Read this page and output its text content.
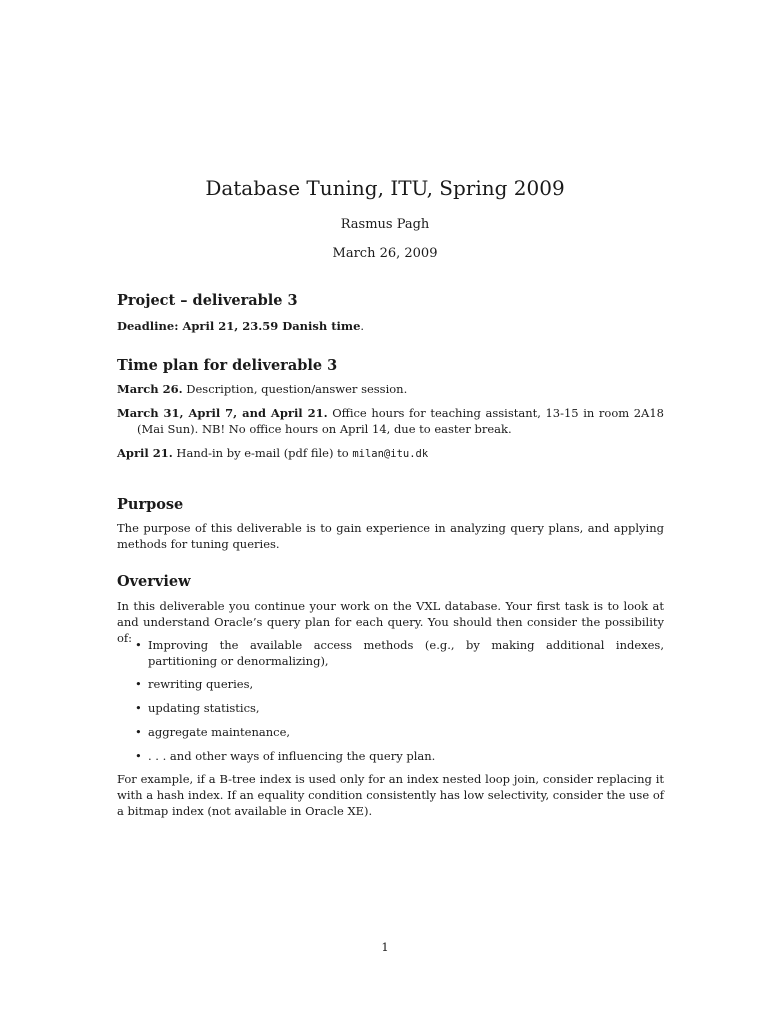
Database Tuning, ITU, Spring 2009
Rasmus Pagh
March 26, 2009
Project – deliverable 3

Deadline: April 21, 23.59 Danish time.

Time plan for deliverable 3

March 26. Description, question/answer session.

March 31, April 7, and April 21. Office hours for teaching assistant, 13-15 in room 2A18 (Mai Sun). NB! No office hours on April 14, due to easter break.

April 21. Hand-in by e-mail (pdf file) to milan@itu.dk

Purpose

The purpose of this deliverable is to gain experience in analyzing query plans, and applying methods for tuning queries.

Overview

In this deliverable you continue your work on the VXL database. Your first task is to look at and understand Oracle’s query plan for each query. You should then consider the possibility of: • Improving the available access methods (e.g., by making additional indexes, partitioning or denormalizing),
• rewriting queries,
• updating statistics,
• aggregate maintenance,
• . . . and other ways of influencing the query plan.

For example, if a B-tree index is used only for an index nested loop join, consider replacing it with a hash index. If an equality condition consistently has low selectivity, consider the use of a bitmap index (not available in Oracle XE).

1
